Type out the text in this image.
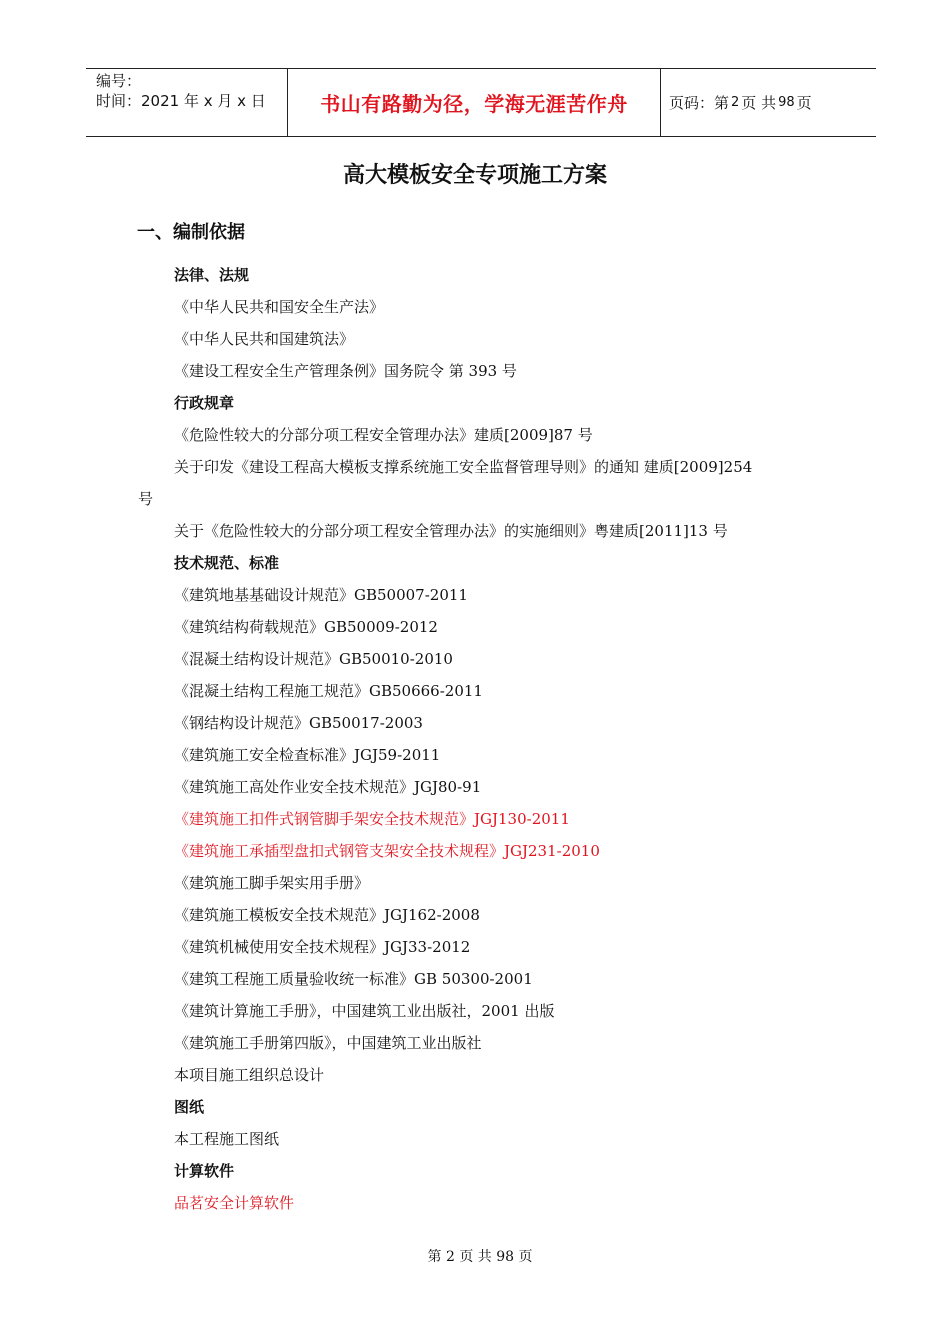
编号：
时间：2021 年 x 月 x 日	书山有路勤为径，学海无涯苦作舟	页码：第 2 页 共 98 页
高大模板安全专项施工方案
一、编制依据
法律、法规
《中华人民共和国安全生产法》
《中华人民共和国建筑法》
《建设工程安全生产管理条例》国务院令 第 393 号
行政规章
《危险性较大的分部分项工程安全管理办法》建质[2009]87 号
关于印发《建设工程高大模板支撑系统施工安全监督管理导则》的通知 建质[2009]254
号
关于《危险性较大的分部分项工程安全管理办法》的实施细则》粤建质[2011]13 号
技术规范、标准
《建筑地基基础设计规范》GB50007-2011
《建筑结构荷载规范》GB50009-2012
《混凝土结构设计规范》GB50010-2010
《混凝土结构工程施工规范》GB50666-2011
《钢结构设计规范》GB50017-2003
《建筑施工安全检查标准》JGJ59-2011
《建筑施工高处作业安全技术规范》JGJ80-91
《建筑施工扣件式钢管脚手架安全技术规范》JGJ130-2011
《建筑施工承插型盘扣式钢管支架安全技术规程》JGJ231-2010
《建筑施工脚手架实用手册》
《建筑施工模板安全技术规范》JGJ162-2008
《建筑机械使用安全技术规程》JGJ33-2012
《建筑工程施工质量验收统一标准》GB 50300-2001
《建筑计算施工手册》，中国建筑工业出版社，2001 出版
《建筑施工手册第四版》，中国建筑工业出版社
本项目施工组织总设计
图纸
本工程施工图纸
计算软件
品茗安全计算软件
第 2 页 共 98 页
